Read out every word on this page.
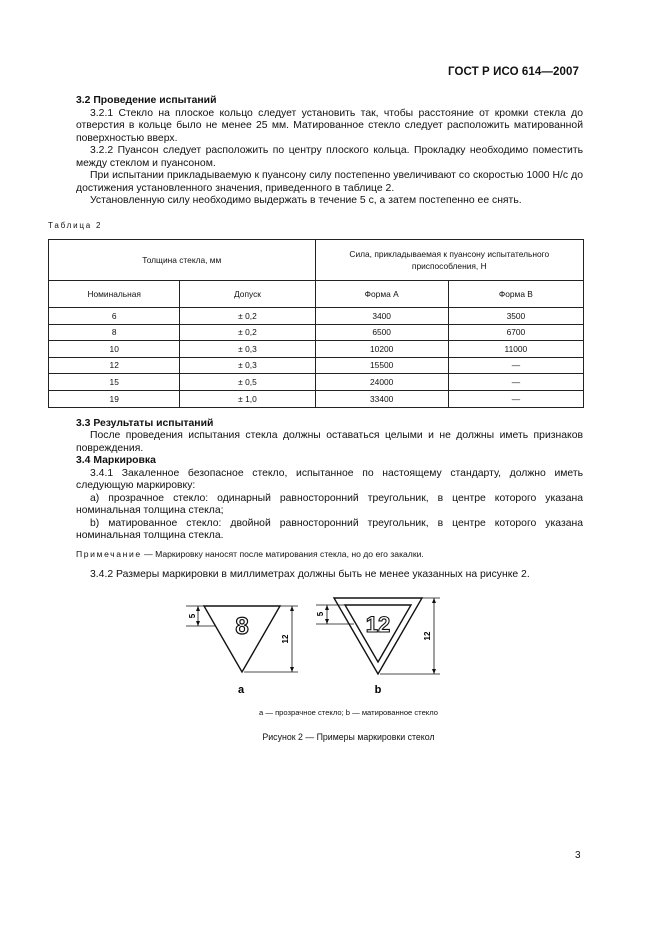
ГОСТ Р ИСО 614—2007
3.2 Проведение испытаний
3.2.1 Стекло на плоское кольцо следует установить так, чтобы расстояние от кромки стекла до отверстия в кольце было не менее 25 мм. Матированное стекло следует расположить матированной поверхностью вверх.
3.2.2 Пуансон следует расположить по центру плоского кольца. Прокладку необходимо поместить между стеклом и пуансоном.
При испытании прикладываемую к пуансону силу постепенно увеличивают со скоростью 1000 Н/с до достижения установленного значения, приведенного в таблице 2.
Установленную силу необходимо выдержать в течение 5 с, а затем постепенно ее снять.
Таблица 2
Толщина стекла, мм		Сила, прикладываемая к пуансону испытательного приспособления, Н	
Номинальная	Допуск	Форма А	Форма В
6	± 0,2	3400	3500
8	± 0,2	6500	6700
10	± 0,3	10200	11000
12	± 0,3	15500	—
15	± 0,5	24000	—
19	± 1,0	33400	—
3.3 Результаты испытаний
После проведения испытания стекла должны оставаться целыми и не должны иметь признаков повреждения.
3.4 Маркировка
3.4.1 Закаленное безопасное стекло, испытанное по настоящему стандарту, должно иметь следующую маркировку:
a) прозрачное стекло: одинарный равносторонний треугольник, в центре которого указана номинальная толщина стекла;
b) матированное стекло: двойной равносторонний треугольник, в центре которого указана номинальная толщина стекла.
Примечание — Маркировку наносят после матирования стекла, но до его закалки.
3.4.2 Размеры маркировки в миллиметрах должны быть не менее указанных на рисунке 2.
8
5
12
a
12
5
12
b
a — прозрачное стекло; b — матированное стекло
Рисунок 2 — Примеры маркировки стекол
3
